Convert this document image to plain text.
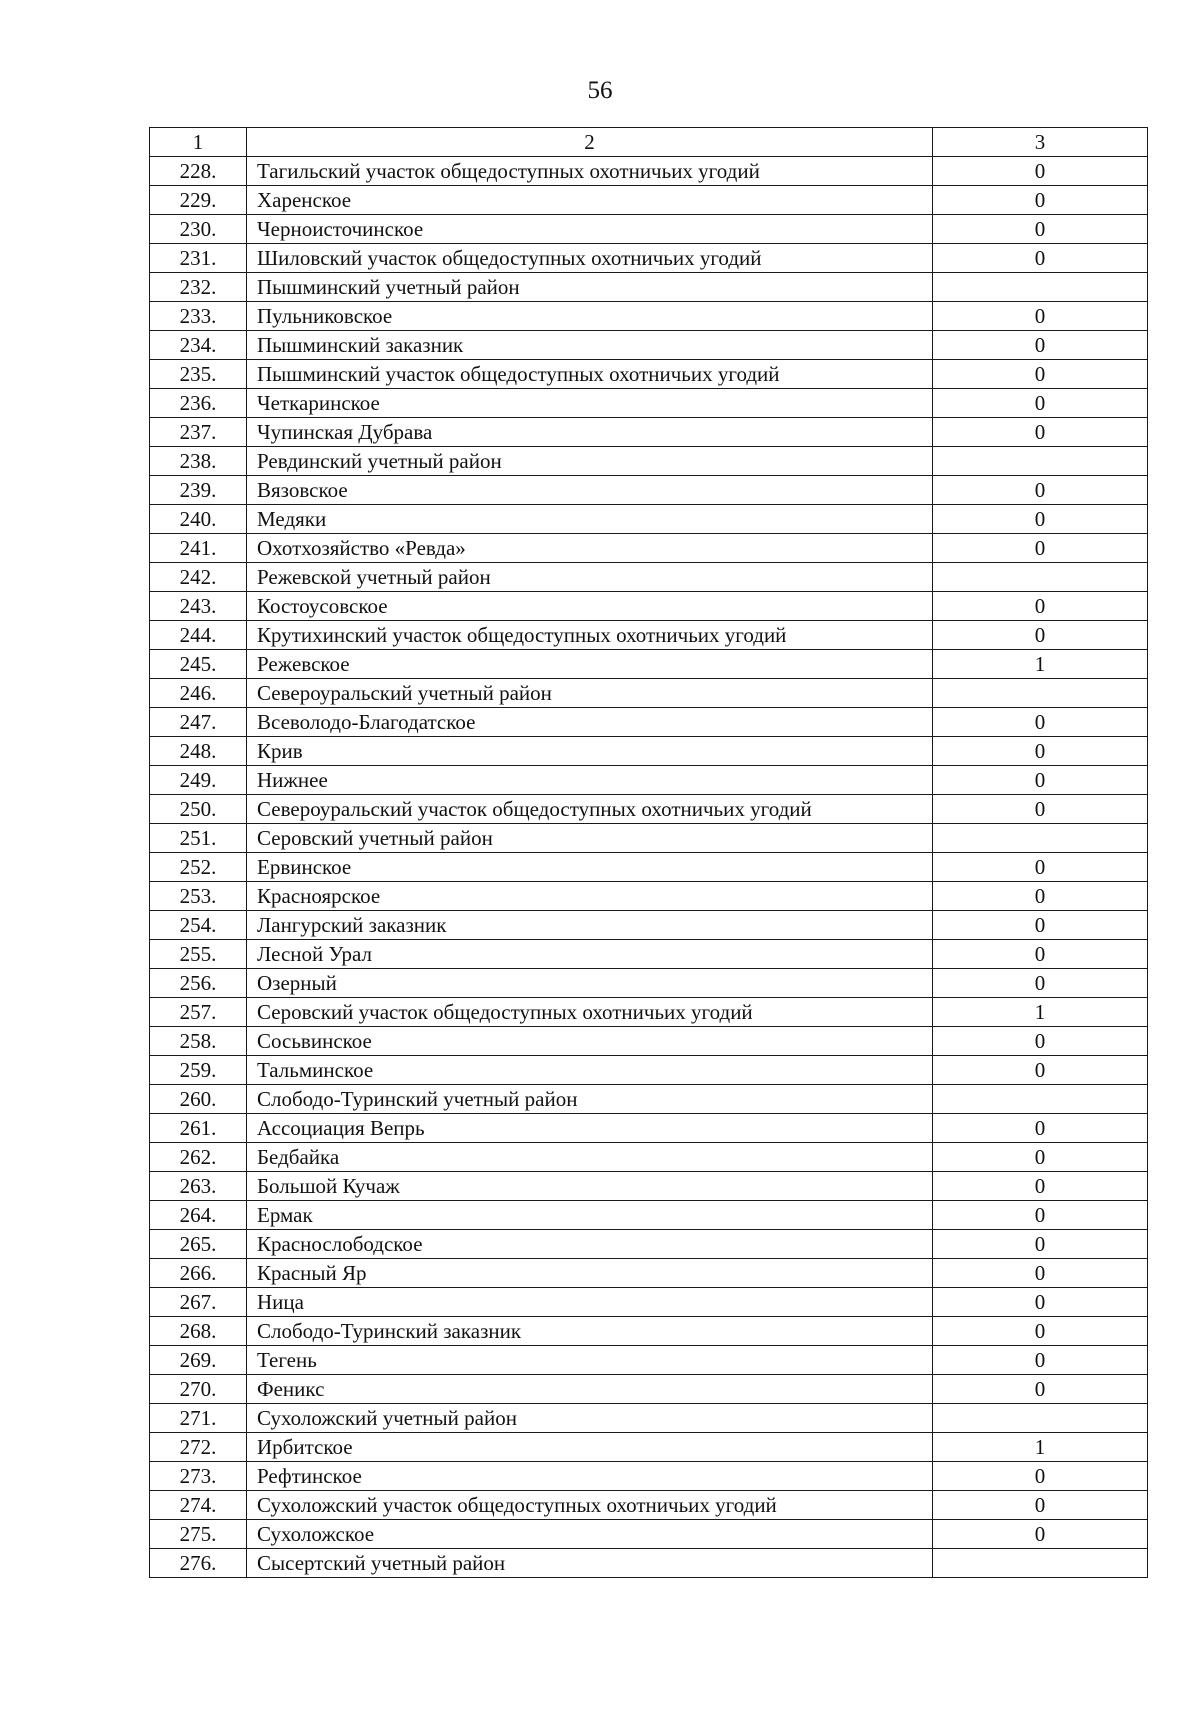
56
1	2	3
228.	Тагильский участок общедоступных охотничьих угодий	0
229.	Харенское	0
230.	Черноисточинское	0
231.	Шиловский участок общедоступных охотничьих угодий	0
232.	Пышминский учетный район	
233.	Пульниковское	0
234.	Пышминский заказник	0
235.	Пышминский участок общедоступных охотничьих угодий	0
236.	Четкаринское	0
237.	Чупинская Дубрава	0
238.	Ревдинский учетный район	
239.	Вязовское	0
240.	Медяки	0
241.	Охотхозяйство «Ревда»	0
242.	Режевской учетный район	
243.	Костоусовское	0
244.	Крутихинский участок общедоступных охотничьих угодий	0
245.	Режевское	1
246.	Североуральский учетный район	
247.	Всеволодо-Благодатское	0
248.	Крив	0
249.	Нижнее	0
250.	Североуральский участок общедоступных охотничьих угодий	0
251.	Серовский учетный район	
252.	Ервинское	0
253.	Красноярское	0
254.	Лангурский заказник	0
255.	Лесной Урал	0
256.	Озерный	0
257.	Серовский участок общедоступных охотничьих угодий	1
258.	Сосьвинское	0
259.	Тальминское	0
260.	Слободо-Туринский учетный район	
261.	Ассоциация Вепрь	0
262.	Бедбайка	0
263.	Большой Кучаж	0
264.	Ермак	0
265.	Краснослободское	0
266.	Красный Яр	0
267.	Ница	0
268.	Слободо-Туринский заказник	0
269.	Тегень	0
270.	Феникс	0
271.	Сухоложский учетный район	
272.	Ирбитское	1
273.	Рефтинское	0
274.	Сухоложский участок общедоступных охотничьих угодий	0
275.	Сухоложское	0
276.	Сысертский учетный район	
